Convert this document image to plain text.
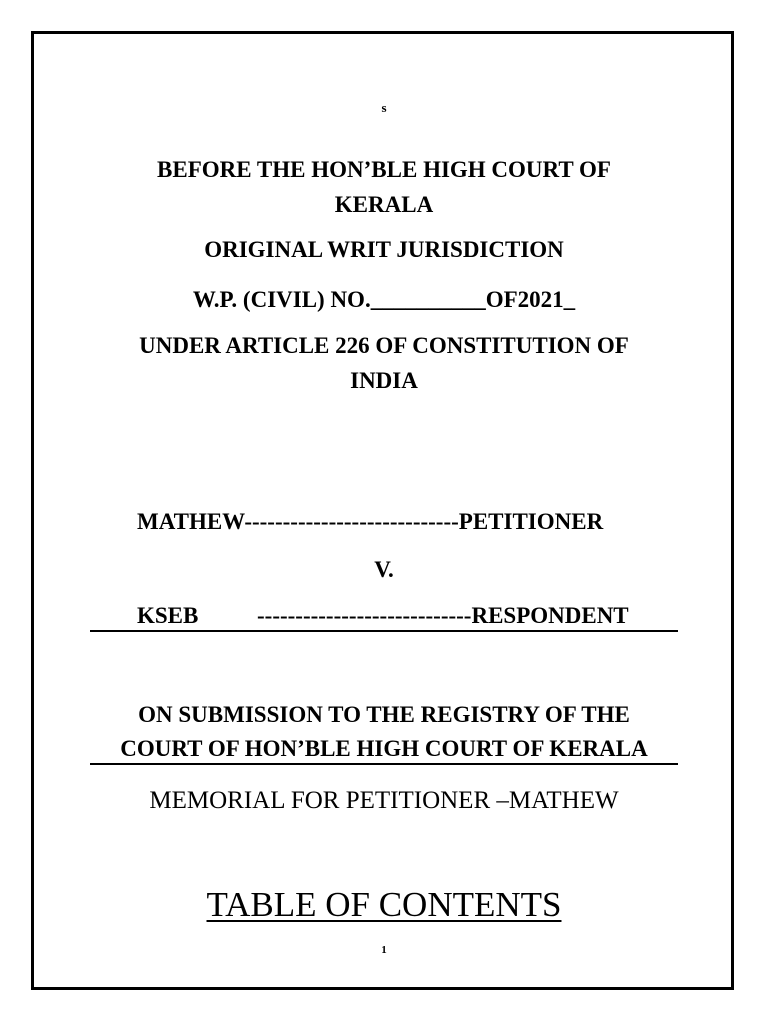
s
BEFORE THE HON’BLE HIGH COURT OF
KERALA
ORIGINAL WRIT JURISDICTION
W.P. (CIVIL) NO.__________OF2021_
UNDER ARTICLE 226 OF CONSTITUTION OF
INDIA
MATHEW----------------------------PETITIONER
V.
KSEB	----------------------------RESPONDENT
ON SUBMISSION TO THE REGISTRY OF THE
COURT OF HON’BLE HIGH COURT OF KERALA
MEMORIAL FOR PETITIONER –MATHEW
TABLE OF CONTENTS
1
